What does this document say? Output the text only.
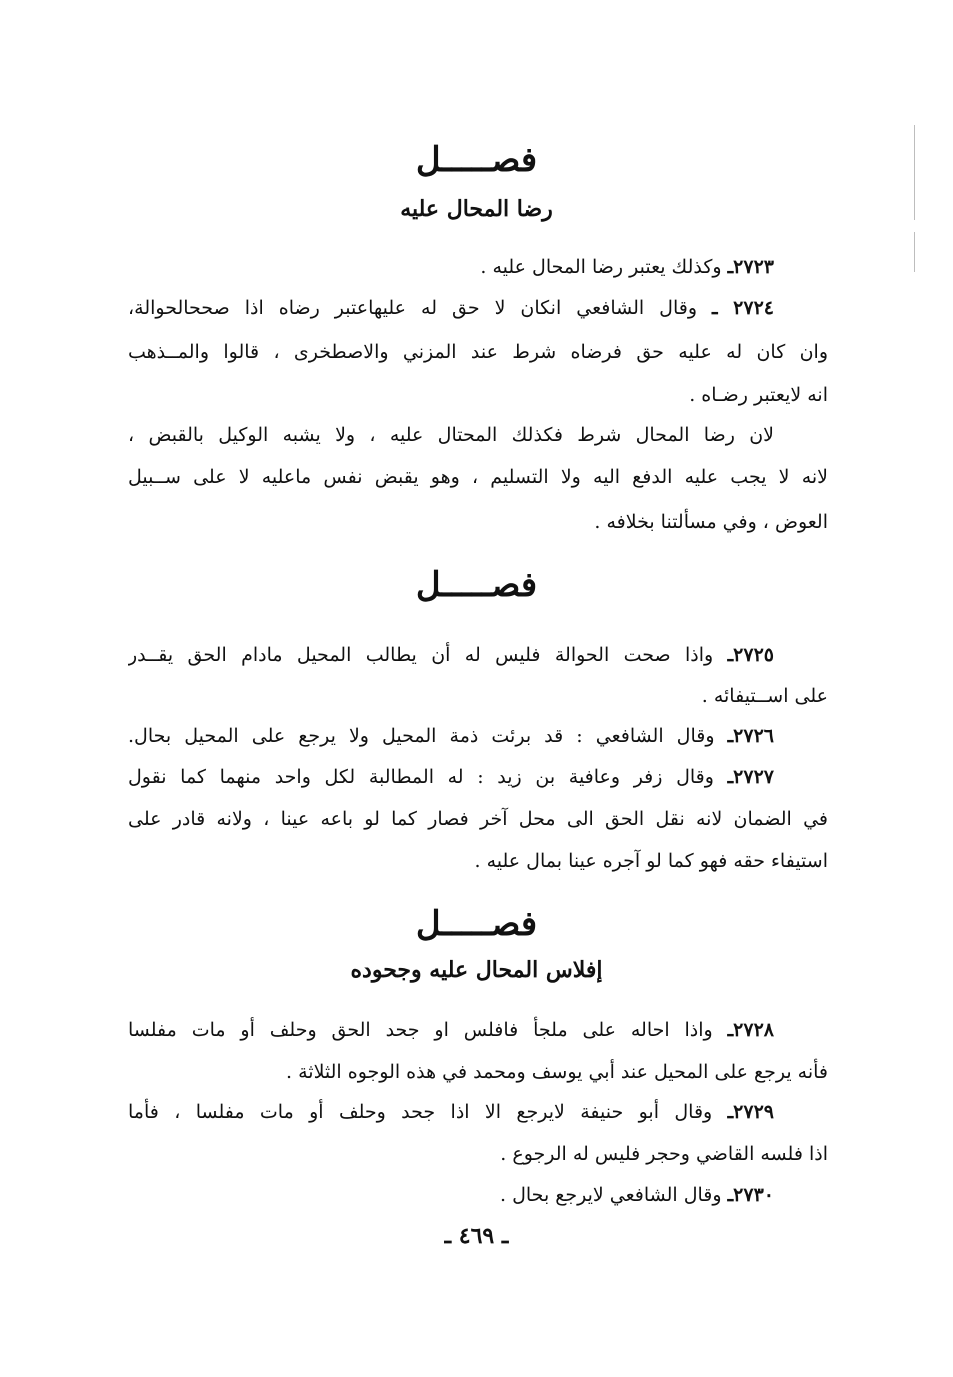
فصـــــل
رضا المحال عليه
٢٧٢٣ـ وكذلك يعتبر رضا المحال عليه .
٢٧٢٤ ـ وقال الشافعي انكان لا حق له عليهاعتبر رضاه اذا صححالحوالة،
وان كان له عليه حق فرضاه شرط عند المزني والاصطخرى ، قالوا والمــذهب
انه لايعتبر رضـاه .
لان رضا المحال شرط فكذلك المحتال عليه ، ولا يشبه الوكيل بالقبض ،
لانه لا يجب عليه الدفع اليه ولا التسليم ، وهو يقبض نفس ماعليه لا على ســبيل
العوض ، وفي مسألتنا بخلافه .
فصـــــل
٢٧٢٥ـ واذا صحت الحوالة فليس له أن يطالب المحيل مادام الحق يقــدر
على اســتيفائه .
٢٧٢٦ـ وقال الشافعي : قد برئت ذمة المحيل ولا يرجع على المحيل بحال.
٢٧٢٧ـ وقال زفر وعافية بن زيد : له المطالبة لكل واحد منهما كما نقول
في الضمان لانه نقل الحق الى محل آخر فصار كما لو باعه عينا ، ولانه قادر على
استيفاء حقه فهو كما لو آجره عينا بمال عليه .
فصـــــل
إفلاس المحال عليه وجحوده
٢٧٢٨ـ واذا احاله على ملجأ فافلس او جحد الحق وحلف أو مات مفلسا
فأنه يرجع على المحيل عند أبي يوسف ومحمد في هذه الوجوه الثلاثة .
٢٧٢٩ـ وقال أبو حنيفة لايرجع الا اذا جحد وحلف أو مات مفلسا ، فأما
اذا فلسه القاضي وحجر فليس له الرجوع .
٢٧٣٠ـ وقال الشافعي لايرجع بحال .
ـ ٤٦٩ ـ
